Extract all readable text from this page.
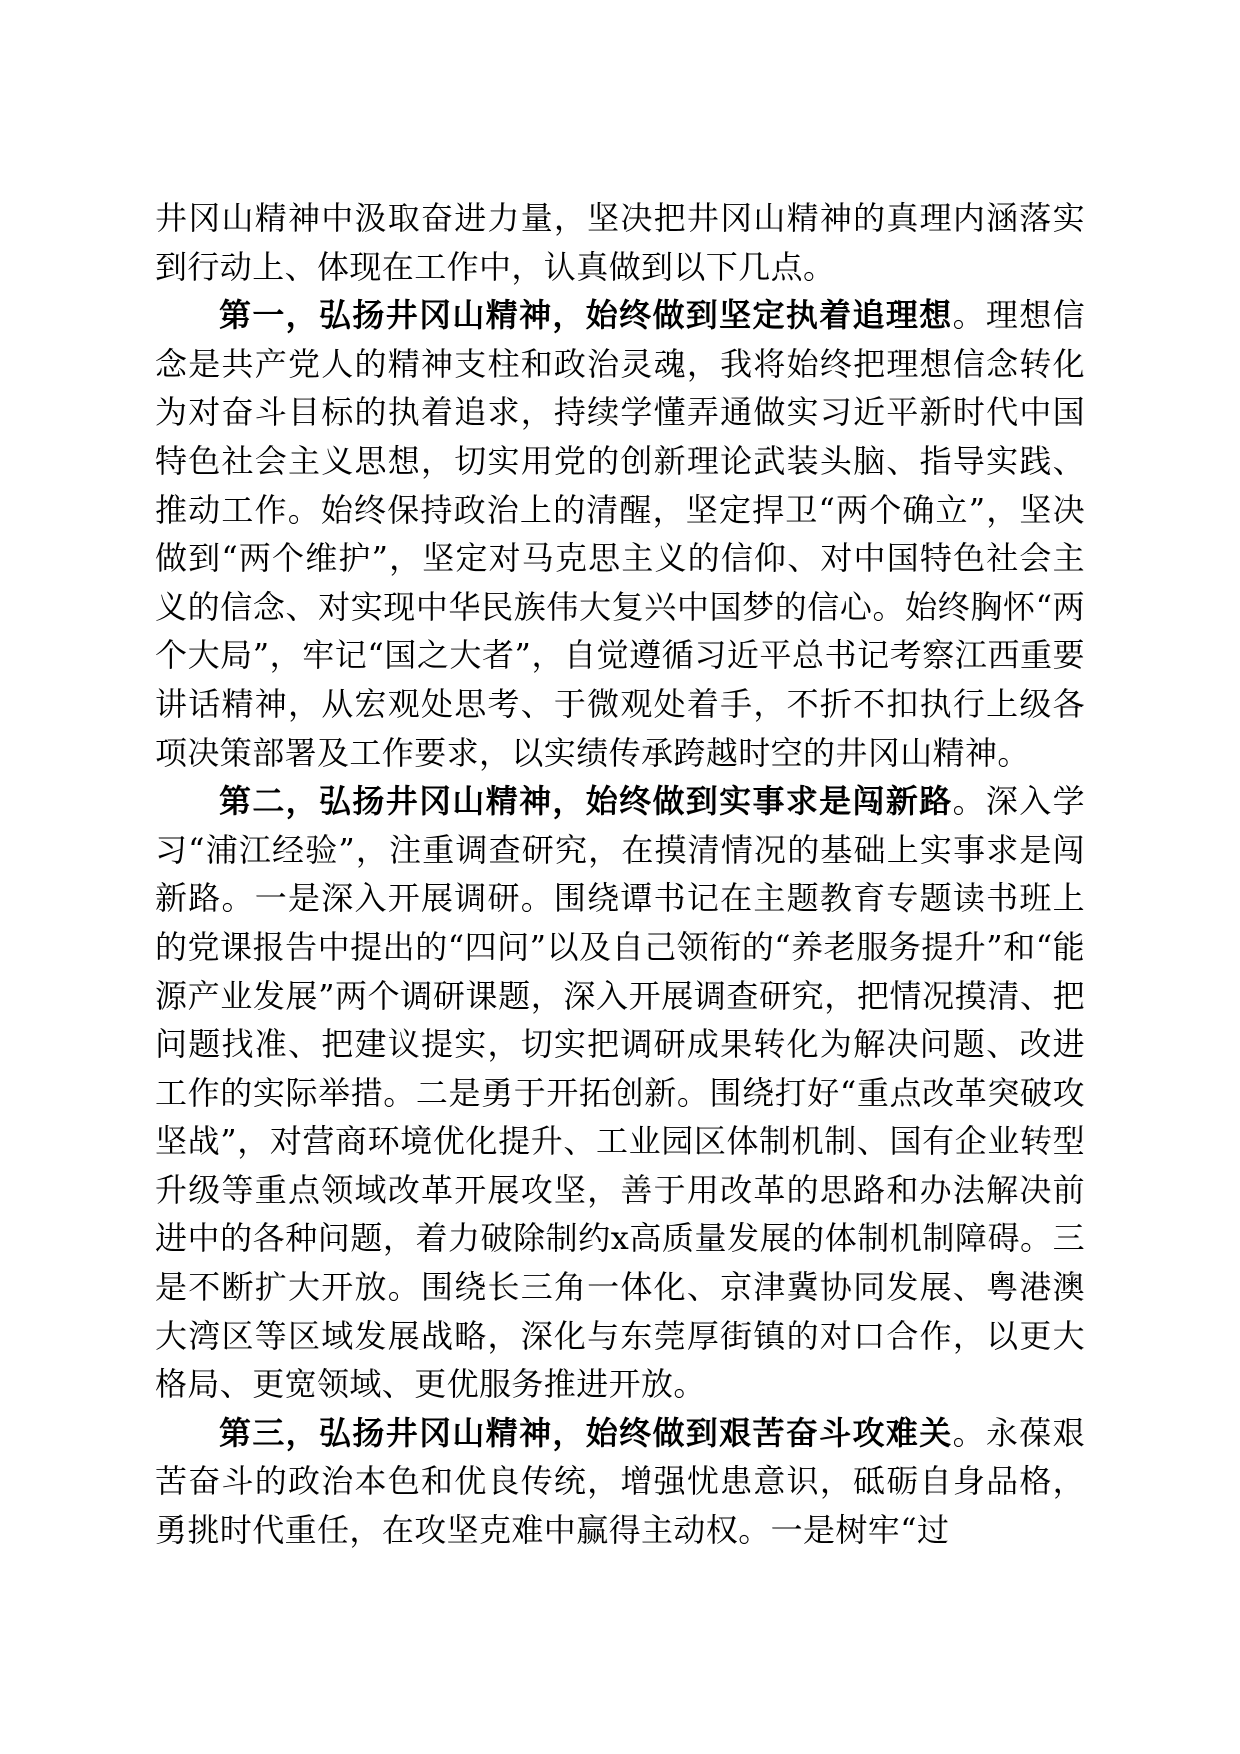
井冈山精神中汲取奋进力量，坚决把井冈山精神的真理内涵落实到行动上、体现在工作中，认真做到以下几点。

第一，弘扬井冈山精神，始终做到坚定执着追理想。理想信念是共产党人的精神支柱和政治灵魂，我将始终把理想信念转化为对奋斗目标的执着追求，持续学懂弄通做实习近平新时代中国特色社会主义思想，切实用党的创新理论武装头脑、指导实践、推动工作。始终保持政治上的清醒，坚定捍卫“两个确立”，坚决做到“两个维护”，坚定对马克思主义的信仰、对中国特色社会主义的信念、对实现中华民族伟大复兴中国梦的信心。始终胸怀“两个大局”，牢记“国之大者”，自觉遵循习近平总书记考察江西重要讲话精神，从宏观处思考、于微观处着手，不折不扣执行上级各项决策部署及工作要求，以实绩传承跨越时空的井冈山精神。

第二，弘扬井冈山精神，始终做到实事求是闯新路。深入学习“浦江经验”，注重调查研究，在摸清情况的基础上实事求是闯新路。一是深入开展调研。围绕谭书记在主题教育专题读书班上的党课报告中提出的“四问”以及自己领衔的“养老服务提升”和“能源产业发展”两个调研课题，深入开展调查研究，把情况摸清、把问题找准、把建议提实，切实把调研成果转化为解决问题、改进工作的实际举措。二是勇于开拓创新。围绕打好“重点改革突破攻坚战”，对营商环境优化提升、工业园区体制机制、国有企业转型升级等重点领域改革开展攻坚，善于用改革的思路和办法解决前进中的各种问题，着力破除制约x高质量发展的体制机制障碍。三是不断扩大开放。围绕长三角一体化、京津冀协同发展、粤港澳大湾区等区域发展战略，深化与东莞厚街镇的对口合作，以更大格局、更宽领域、更优服务推进开放。

第三，弘扬井冈山精神，始终做到艰苦奋斗攻难关。永葆艰苦奋斗的政治本色和优良传统，增强忧患意识，砥砺自身品格，勇挑时代重任，在攻坚克难中赢得主动权。一是树牢“过
